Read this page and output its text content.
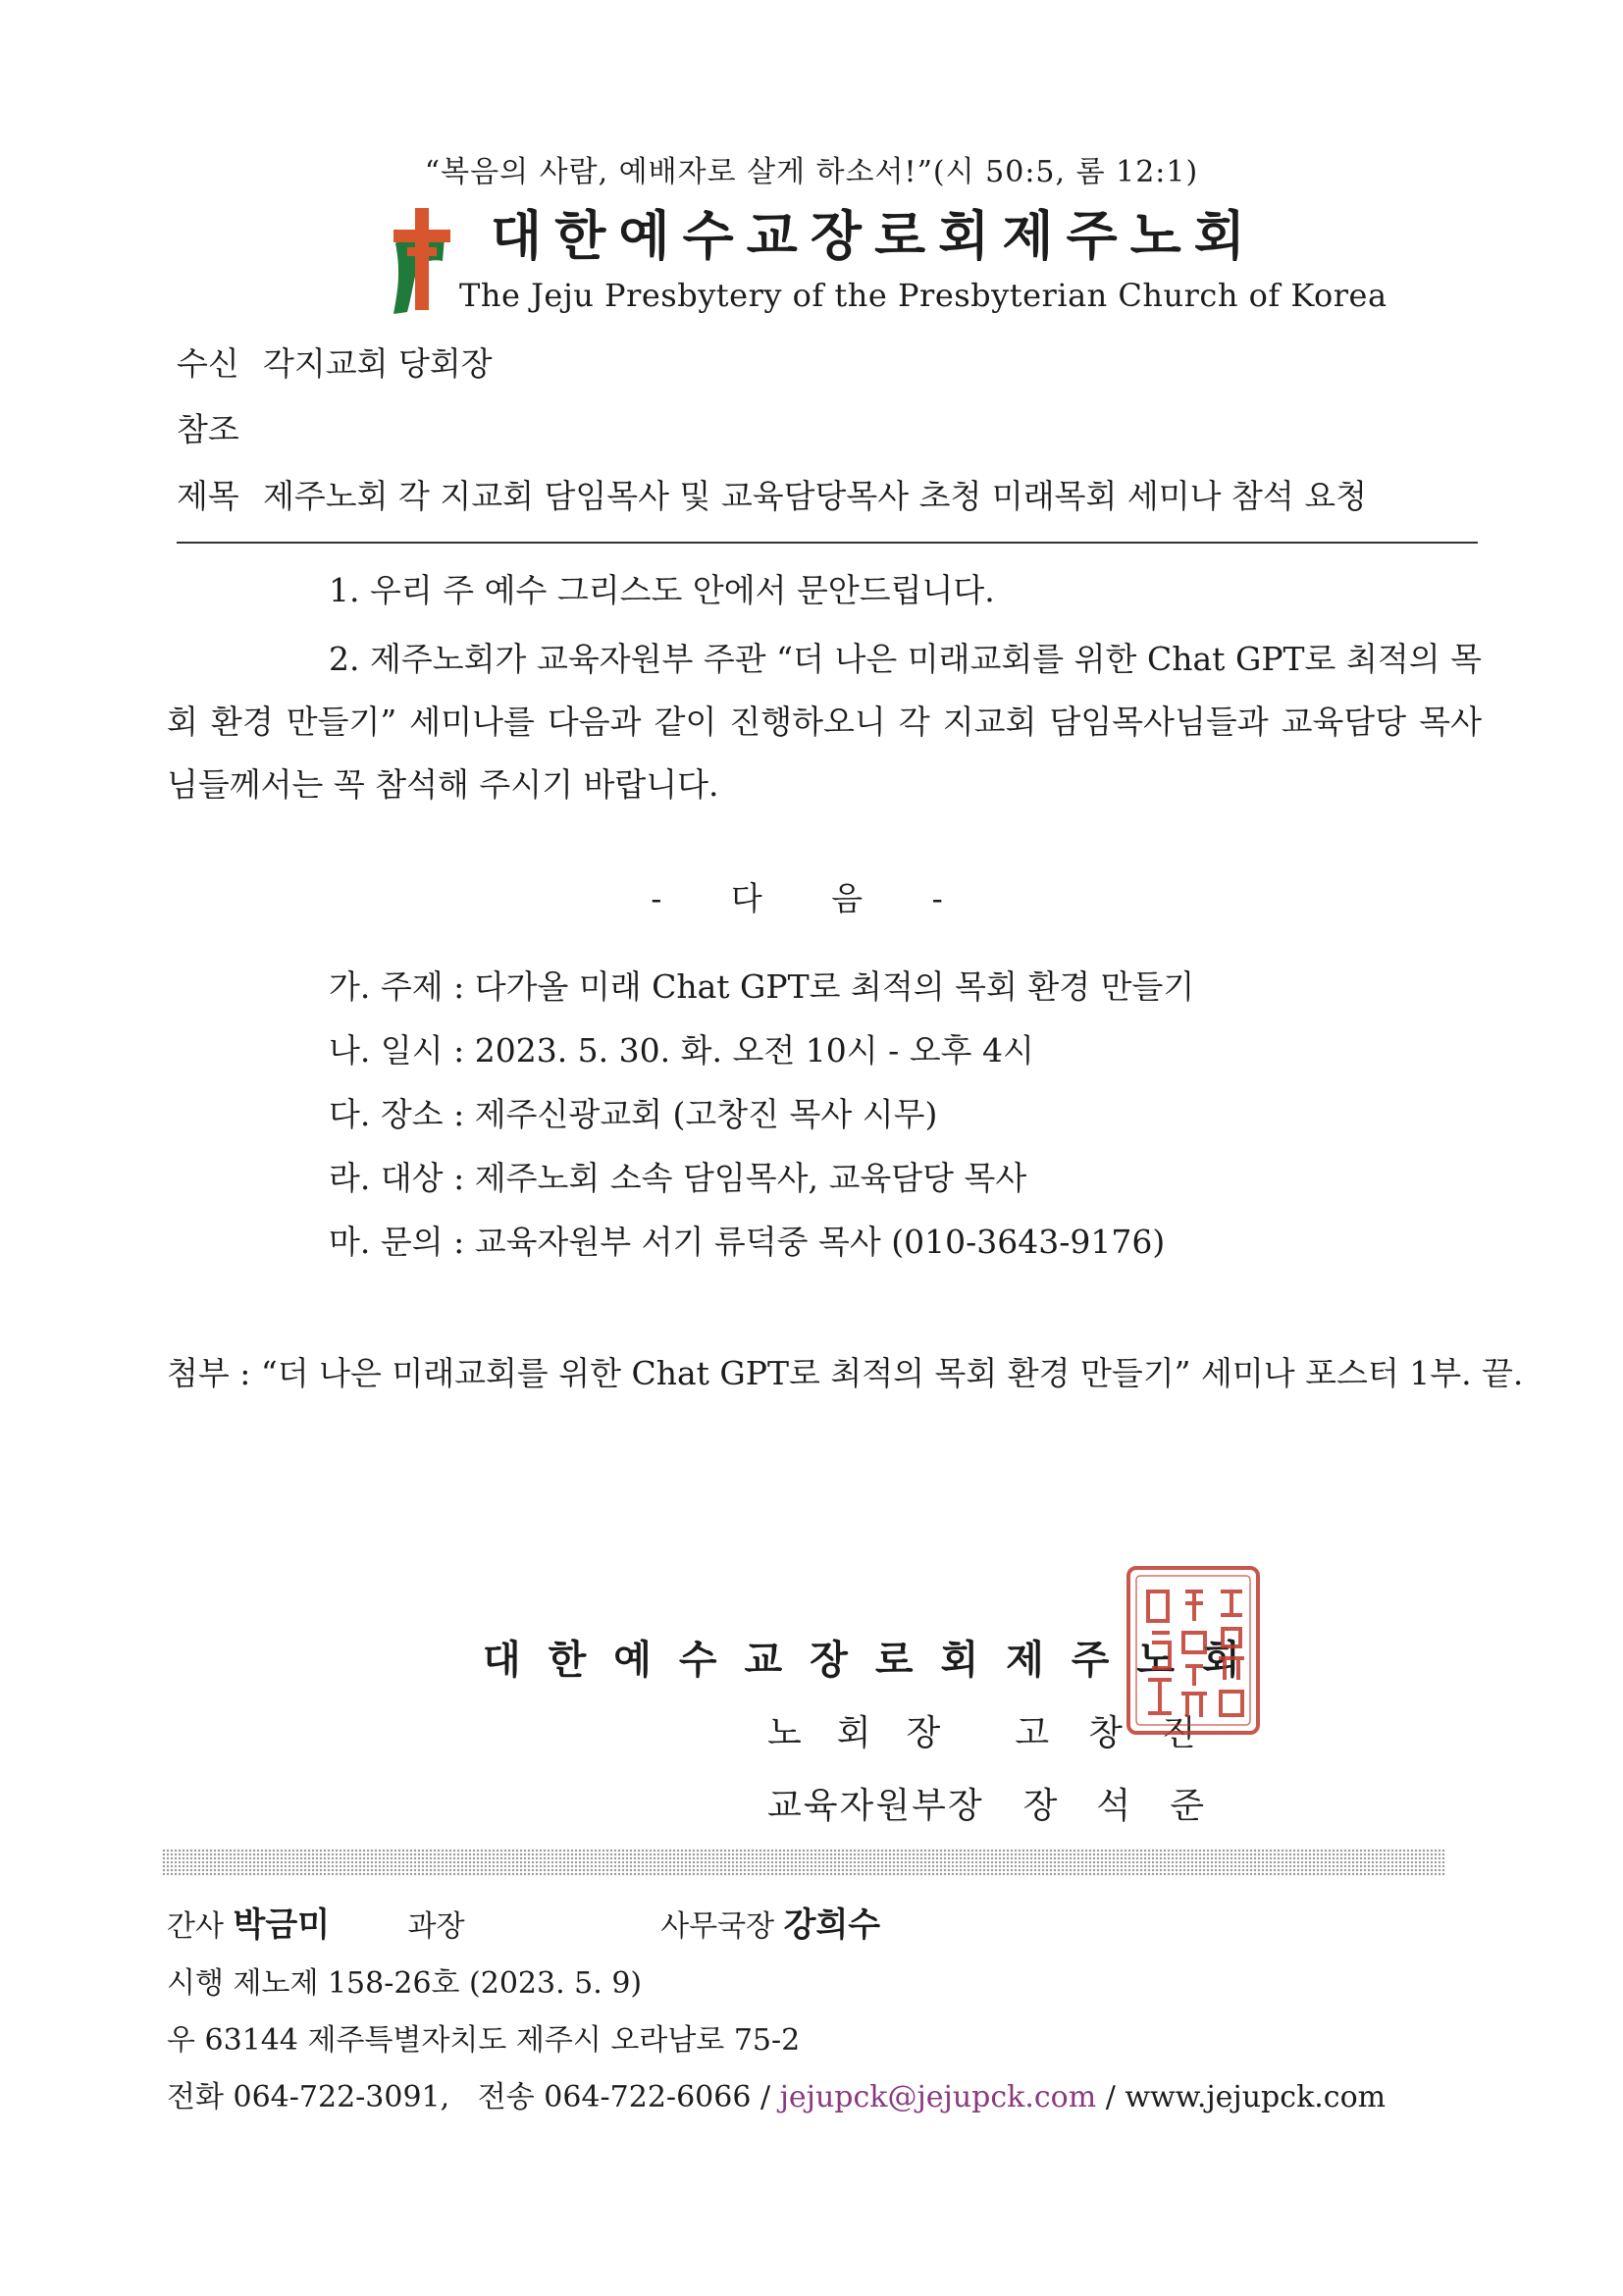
“복음의 사람, 예배자로 살게 하소서!”(시 50:5, 롬 12:1)
대한예수교장로회제주노회
The Jeju Presbytery of the Presbyterian Church of Korea
수신 각지교회 당회장
참조
제목 제주노회 각 지교회 담임목사 및 교육담당목사 초청 미래목회 세미나 참석 요청
1. 우리 주 예수 그리스도 안에서 문안드립니다.
2. 제주노회가 교육자원부 주관 “더 나은 미래교회를 위한 Chat GPT로 최적의 목회 환경 만들기” 세미나를 다음과 같이 진행하오니 각 지교회 담임목사님들과 교육담당 목사님들께서는 꼭 참석해 주시기 바랍니다.
- 다 음 -
가. 주제 : 다가올 미래 Chat GPT로 최적의 목회 환경 만들기
나. 일시 : 2023. 5. 30. 화. 오전 10시 - 오후 4시
다. 장소 : 제주신광교회 (고창진 목사 시무)
라. 대상 : 제주노회 소속 담임목사, 교육담당 목사
마. 문의 : 교육자원부 서기 류덕중 목사 (010-3643-9176)
첨부 : “더 나은 미래교회를 위한 Chat GPT로 최적의 목회 환경 만들기” 세미나 포스터 1부. 끝.
대한예수교장로회제주노회
노회장 고창진
교육자원부장 장석준
간사 박금미	과장	사무국장 강희수
시행 제노제 158-26호 (2023. 5. 9)
우 63144 제주특별자치도 제주시 오라남로 75-2
전화 064-722-3091,   전송 064-722-6066 / jejupck@jejupck.com / www.jejupck.com
